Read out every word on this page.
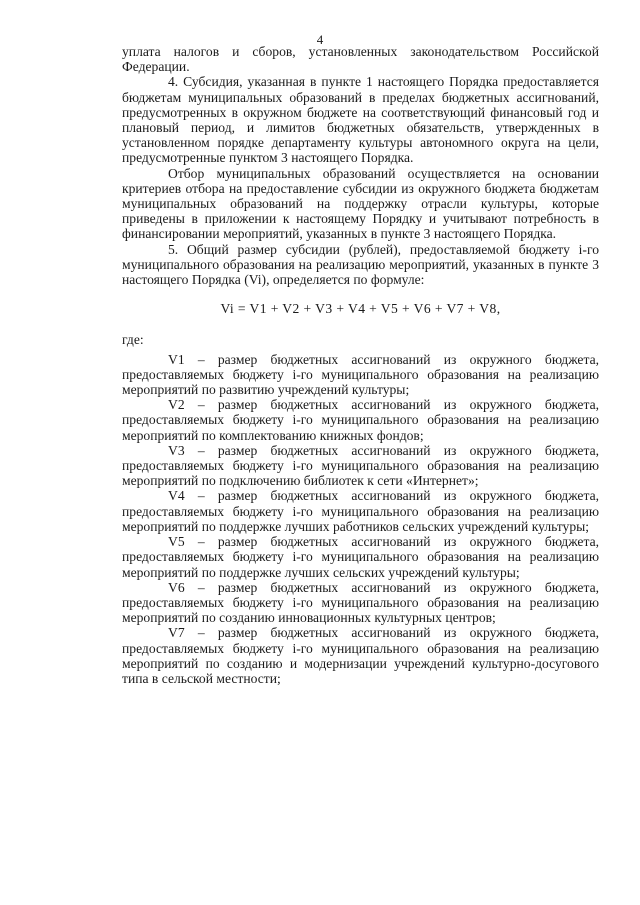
4

уплата налогов и сборов, установленных законодательством Российской Федерации.

4. Субсидия, указанная в пункте 1 настоящего Порядка предоставляется бюджетам муниципальных образований в пределах бюджетных ассигнований, предусмотренных в окружном бюджете на соответствующий финансовый год и плановый период, и лимитов бюджетных обязательств, утвержденных в установленном порядке департаменту культуры автономного округа на цели, предусмотренные пунктом 3 настоящего Порядка.

Отбор муниципальных образований осуществляется на основании критериев отбора на предоставление субсидии из окружного бюджета бюджетам муниципальных образований на поддержку отрасли культуры, которые приведены в приложении к настоящему Порядку и учитывают потребность в финансировании мероприятий, указанных в пункте 3 настоящего Порядка.

5. Общий размер субсидии (рублей), предоставляемой бюджету i-го муниципального образования на реализацию мероприятий, указанных в пункте 3 настоящего Порядка (Vi), определяется по формуле:

Vi = V1 + V2 + V3 + V4 + V5 + V6 + V7 + V8,

где:

V1 – размер бюджетных ассигнований из окружного бюджета, предоставляемых бюджету i-го муниципального образования на реализацию мероприятий по развитию учреждений культуры;

V2 – размер бюджетных ассигнований из окружного бюджета, предоставляемых бюджету i-го муниципального образования на реализацию мероприятий по комплектованию книжных фондов;

V3 – размер бюджетных ассигнований из окружного бюджета, предоставляемых бюджету i-го муниципального образования на реализацию мероприятий по подключению библиотек к сети «Интернет»;

V4 – размер бюджетных ассигнований из окружного бюджета, предоставляемых бюджету i-го муниципального образования на реализацию мероприятий по поддержке лучших работников сельских учреждений культуры;

V5 – размер бюджетных ассигнований из окружного бюджета, предоставляемых бюджету i-го муниципального образования на реализацию мероприятий по поддержке лучших сельских учреждений культуры;

V6 – размер бюджетных ассигнований из окружного бюджета, предоставляемых бюджету i-го муниципального образования на реализацию мероприятий по созданию инновационных культурных центров;

V7 – размер бюджетных ассигнований из окружного бюджета, предоставляемых бюджету i-го муниципального образования на реализацию мероприятий по созданию и модернизации учреждений культурно-досугового типа в сельской местности;
